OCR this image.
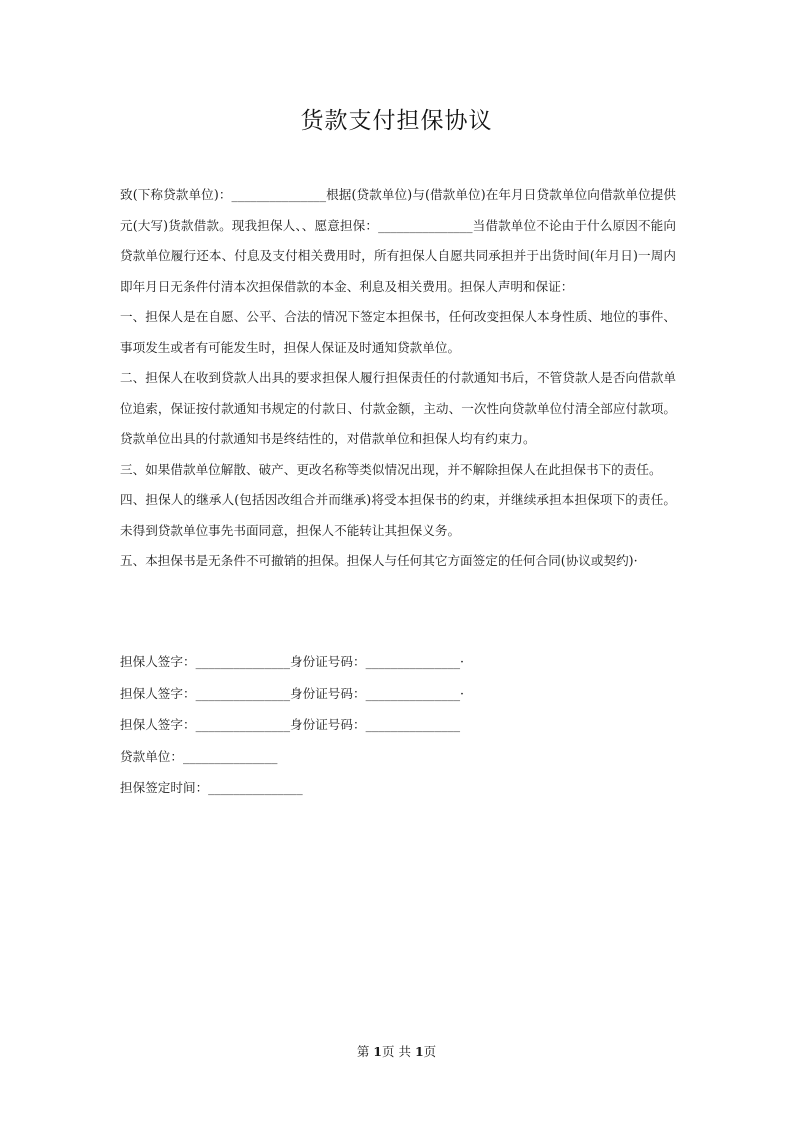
货款支付担保协议

致(下称贷款单位)：_______________根据(贷款单位)与(借款单位)在年月日贷款单位向借款单位提供元(大写)货款借款。现我担保人、、愿意担保：_______________当借款单位不论由于什么原因不能向贷款单位履行还本、付息及支付相关费用时，所有担保人自愿共同承担并于出货时间(年月日)一周内即年月日无条件付清本次担保借款的本金、利息及相关费用。担保人声明和保证：

一、担保人是在自愿、公平、合法的情况下签定本担保书，任何改变担保人本身性质、地位的事件、事项发生或者有可能发生时，担保人保证及时通知贷款单位。

二、担保人在收到贷款人出具的要求担保人履行担保责任的付款通知书后，不管贷款人是否向借款单位追索，保证按付款通知书规定的付款日、付款金额，主动、一次性向贷款单位付清全部应付款项。贷款单位出具的付款通知书是终结性的，对借款单位和担保人均有约束力。

三、如果借款单位解散、破产、更改名称等类似情况出现，并不解除担保人在此担保书下的责任。

四、担保人的继承人(包括因改组合并而继承)将受本担保书的约束，并继续承担本担保项下的责任。未得到贷款单位事先书面同意，担保人不能转让其担保义务。

五、本担保书是无条件不可撤销的担保。担保人与任何其它方面签定的任何合同(协议或契约)·

担保人签字：_______________身份证号码：_______________·
担保人签字：_______________身份证号码：_______________·
担保人签字：_______________身份证号码：_______________
贷款单位：_______________
担保签定时间：_______________
第 1页 共 1页
